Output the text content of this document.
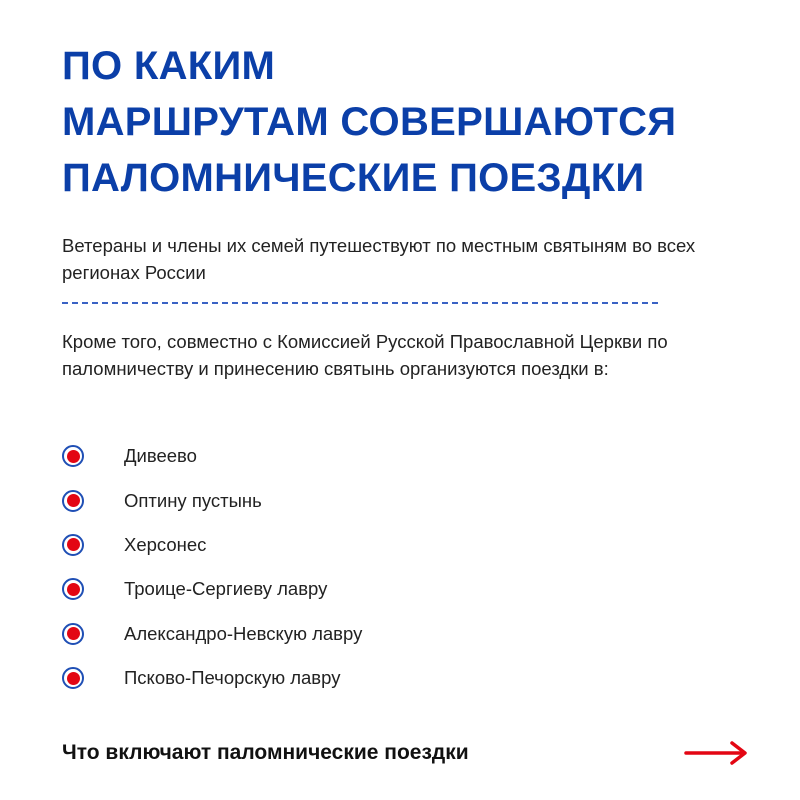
ПО КАКИМ
МАРШРУТАМ СОВЕРШАЮТСЯ
ПАЛОМНИЧЕСКИЕ ПОЕЗДКИ

Ветераны и члены их семей путешествуют по местным святыням во всех регионах России

Кроме того, совместно с Комиссией Русской Православной Церкви по паломничеству и принесению святынь организуются поездки в:

Дивеево
Оптину пустынь
Херсонес
Троице-Сергиеву лавру
Александро-Невскую лавру
Псково-Печорскую лавру
Что включают паломнические поездки
